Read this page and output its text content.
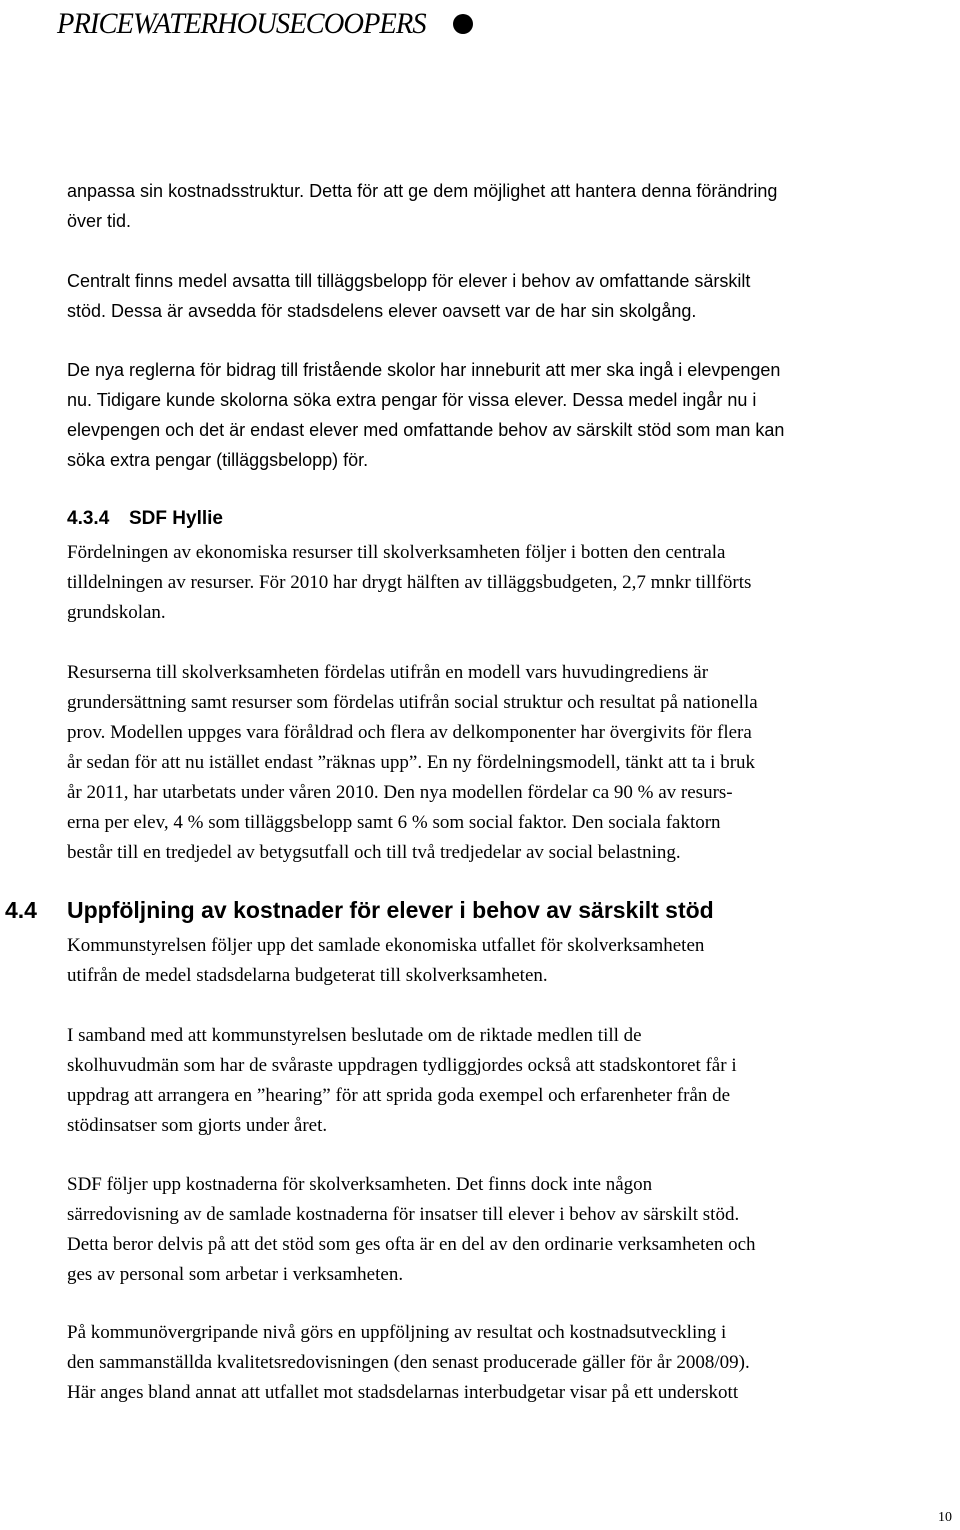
PRICEWATERHOUSECOOPERS

anpassa sin kostnadsstruktur. Detta för att ge dem möjlighet att hantera denna förändring
över tid.

Centralt finns medel avsatta till tilläggsbelopp för elever i behov av omfattande särskilt
stöd. Dessa är avsedda för stadsdelens elever oavsett var de har sin skolgång.

De nya reglerna för bidrag till fristående skolor har inneburit att mer ska ingå i elevpengen
nu. Tidigare kunde skolorna söka extra pengar för vissa elever. Dessa medel ingår nu i
elevpengen och det är endast elever med omfattande behov av särskilt stöd som man kan
söka extra pengar (tilläggsbelopp) för.

4.3.4 SDF Hyllie

Fördelningen av ekonomiska resurser till skolverksamheten följer i botten den centrala
tilldelningen av resurser. För 2010 har drygt hälften av tilläggsbudgeten, 2,7 mnkr tillförts
grundskolan.

Resurserna till skolverksamheten fördelas utifrån en modell vars huvudingrediens är
grundersättning samt resurser som fördelas utifrån social struktur och resultat på nationella
prov. Modellen uppges vara föråldrad och flera av delkomponenter har övergivits för flera
år sedan för att nu istället endast ”räknas upp”. En ny fördelningsmodell, tänkt att ta i bruk
år 2011, har utarbetats under våren 2010. Den nya modellen fördelar ca 90 % av resurs-
erna per elev, 4 % som tilläggsbelopp samt 6 % som social faktor. Den sociala faktorn
består till en tredjedel av betygsutfall och till två tredjedelar av social belastning.

4.4 Uppföljning av kostnader för elever i behov av särskilt stöd

Kommunstyrelsen följer upp det samlade ekonomiska utfallet för skolverksamheten
utifrån de medel stadsdelarna budgeterat till skolverksamheten.

I samband med att kommunstyrelsen beslutade om de riktade medlen till de
skolhuvudmän som har de svåraste uppdragen tydliggjordes också att stadskontoret får i
uppdrag att arrangera en ”hearing” för att sprida goda exempel och erfarenheter från de
stödinsatser som gjorts under året.

SDF följer upp kostnaderna för skolverksamheten. Det finns dock inte någon
särredovisning av de samlade kostnaderna för insatser till elever i behov av särskilt stöd.
Detta beror delvis på att det stöd som ges ofta är en del av den ordinarie verksamheten och
ges av personal som arbetar i verksamheten.

På kommunövergripande nivå görs en uppföljning av resultat och kostnadsutveckling i
den sammanställda kvalitetsredovisningen (den senast producerade gäller för år 2008/09).
Här anges bland annat att utfallet mot stadsdelarnas interbudgetar visar på ett underskott

10
